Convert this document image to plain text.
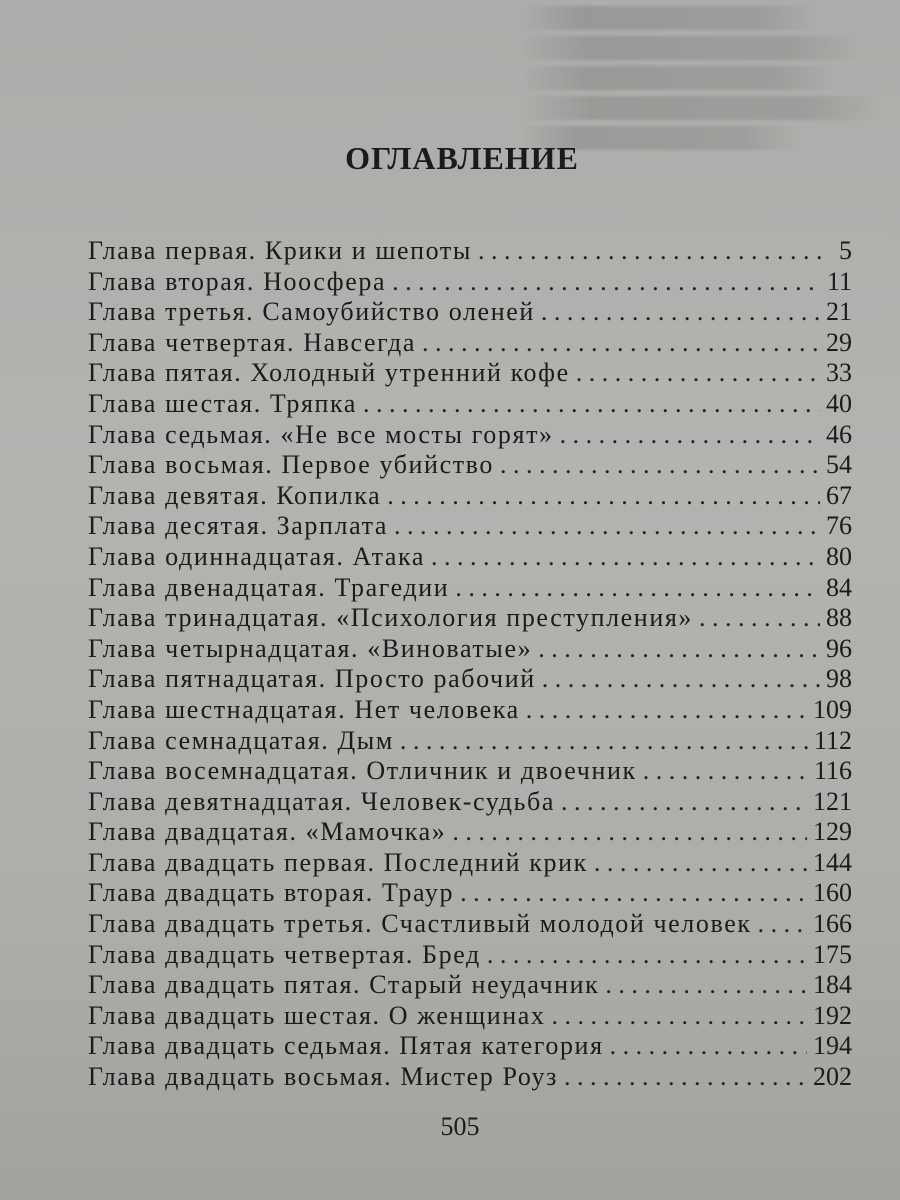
ОГЛАВЛЕНИЕ
Глава первая. Крики и шепоты . . .	5
Глава вторая. Ноосфера . . .	11
Глава третья. Самоубийство оленей . . .	21
Глава четвертая. Навсегда . . .	29
Глава пятая. Холодный утренний кофе . . .	33
Глава шестая. Тряпка . . .	40
Глава седьмая. «Не все мосты горят» . . .	46
Глава восьмая. Первое убийство . . .	54
Глава девятая. Копилка . . .	67
Глава десятая. Зарплата . . .	76
Глава одиннадцатая. Атака . . .	80
Глава двенадцатая. Трагедии . . .	84
Глава тринадцатая. «Психология преступления» . . .	88
Глава четырнадцатая. «Виноватые» . . .	96
Глава пятнадцатая. Просто рабочий . . .	98
Глава шестнадцатая. Нет человека . . .	109
Глава семнадцатая. Дым . . .	112
Глава восемнадцатая. Отличник и двоечник . . .	116
Глава девятнадцатая. Человек-судьба . . .	121
Глава двадцатая. «Мамочка» . . .	129
Глава двадцать первая. Последний крик . . .	144
Глава двадцать вторая. Траур . . .	160
Глава двадцать третья. Счастливый молодой человек . . . 166
Глава двадцать четвертая. Бред . . .	175
Глава двадцать пятая. Старый неудачник . . .	184
Глава двадцать шестая. О женщинах . . .	192
Глава двадцать седьмая. Пятая категория . . .	194
Глава двадцать восьмая. Мистер Роуз . . .	202
505
